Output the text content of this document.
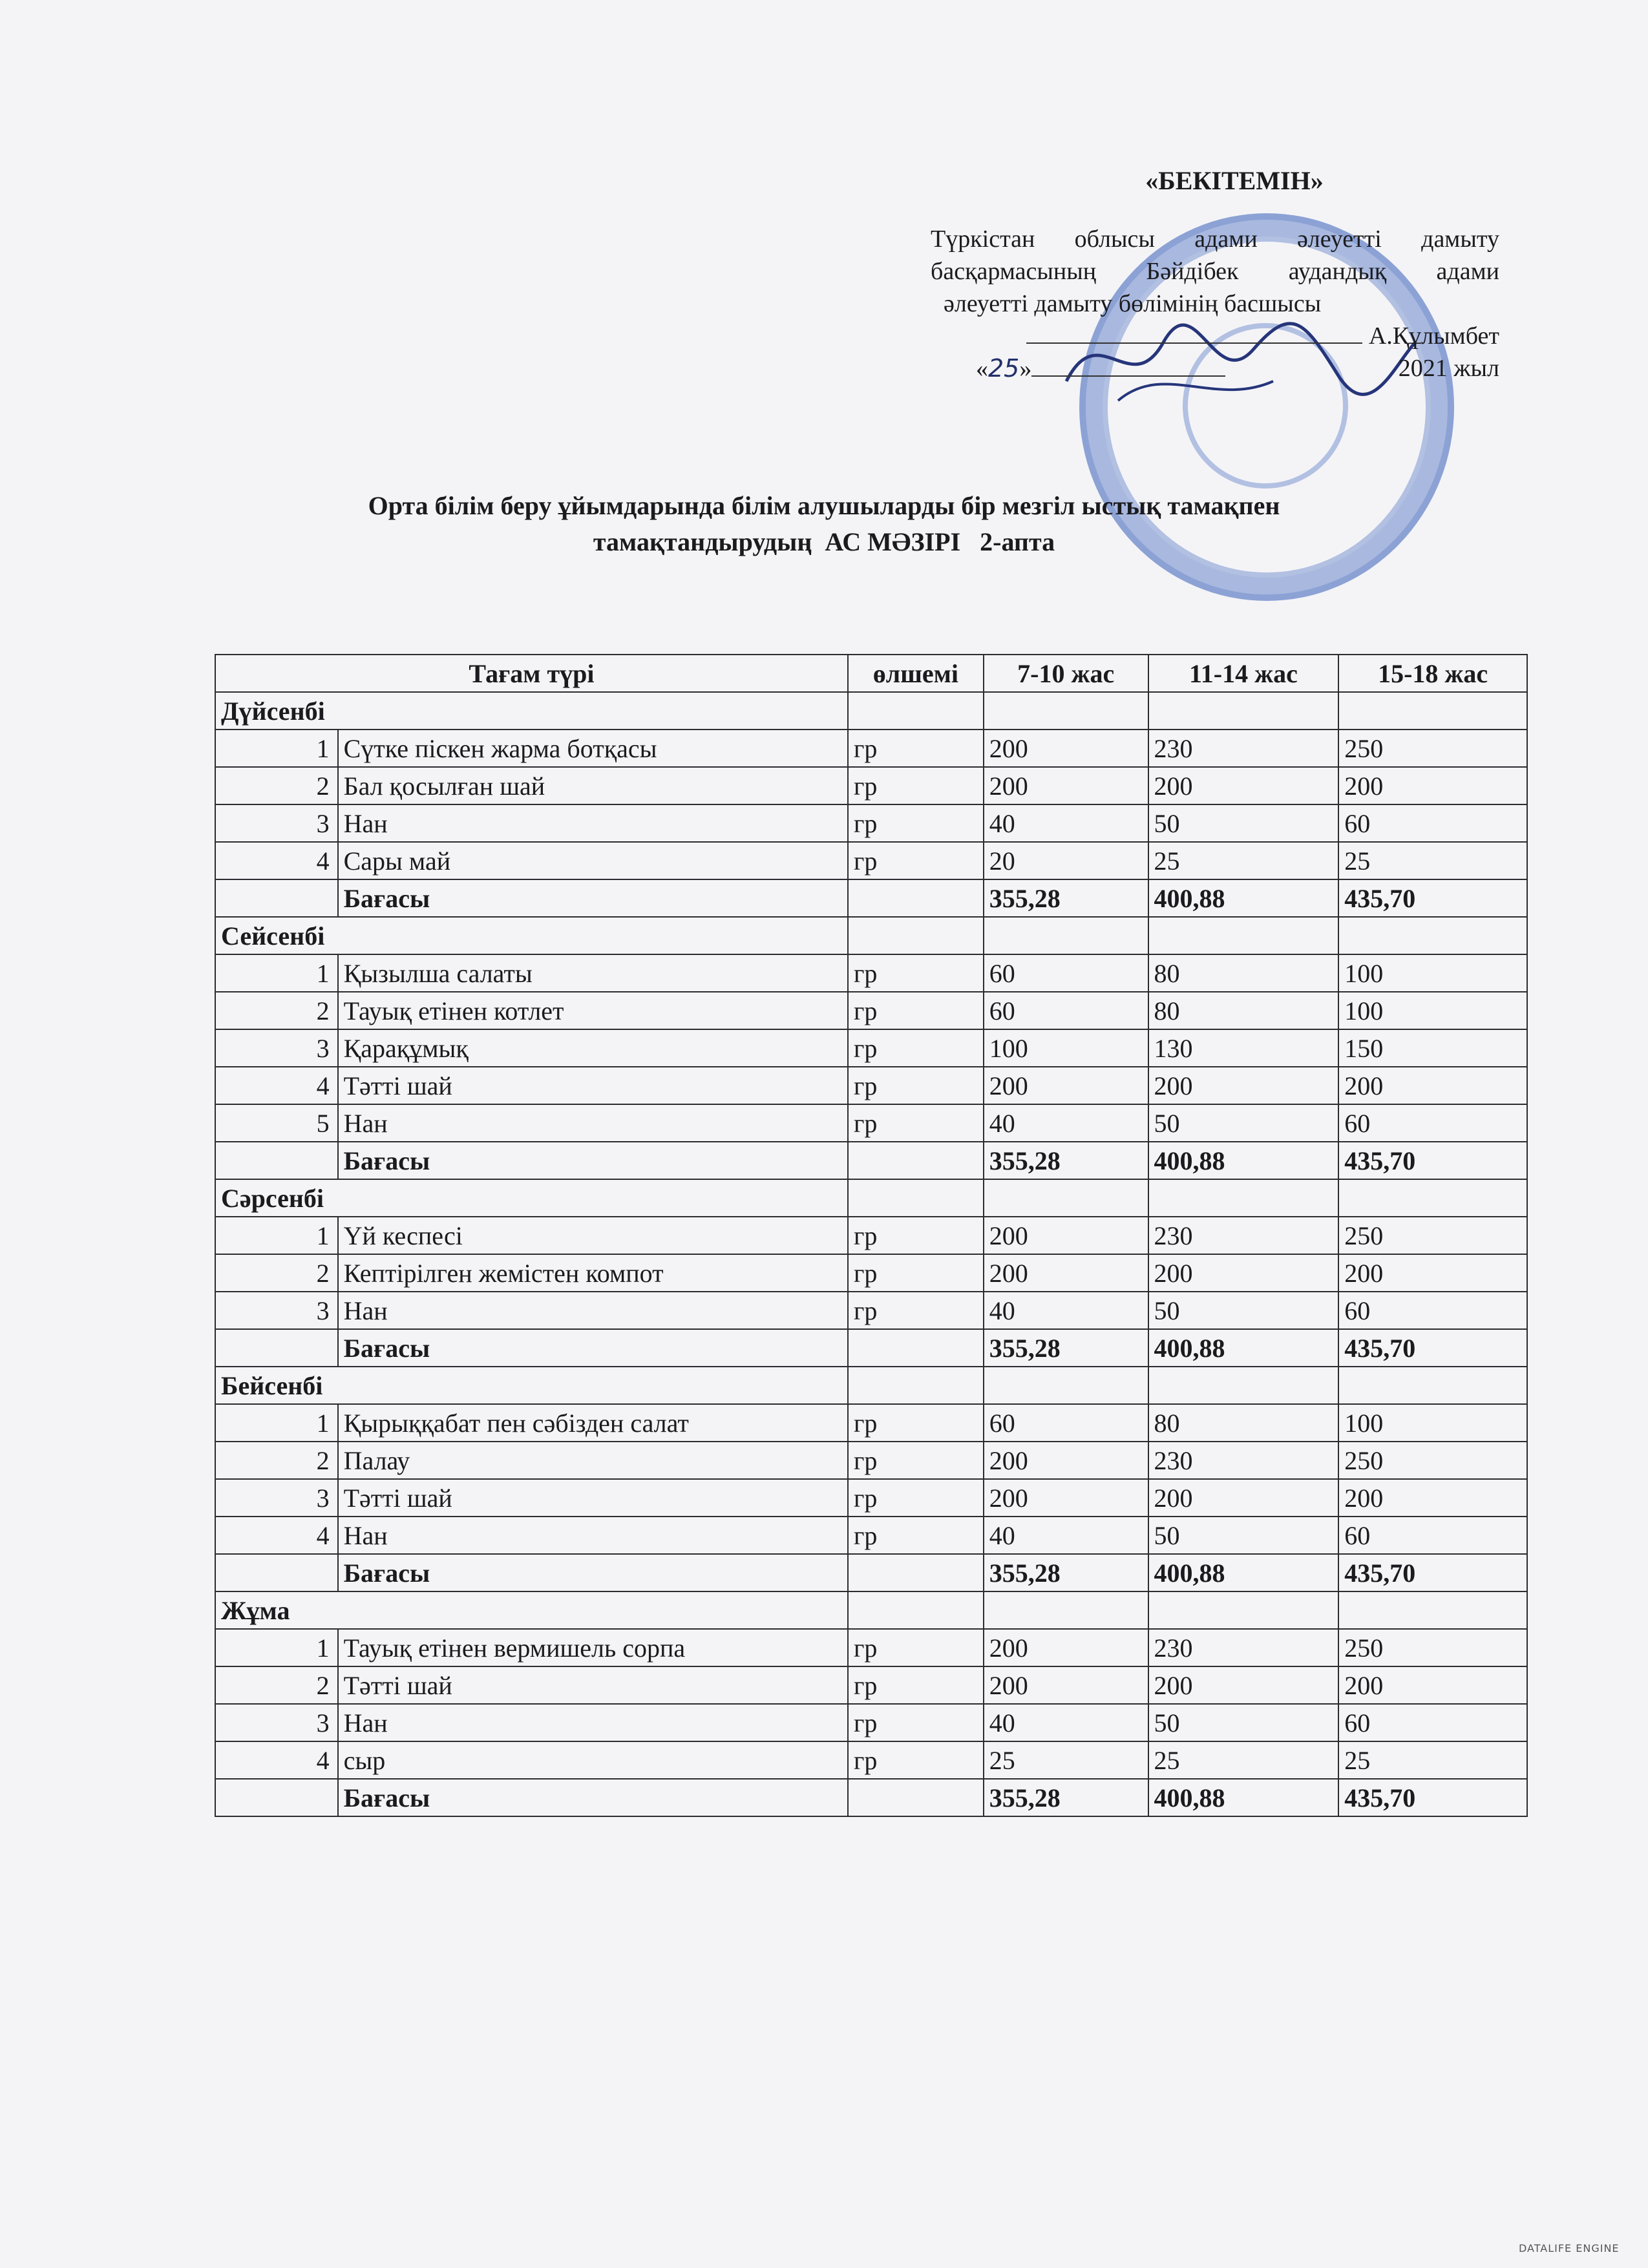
«БЕКІТЕМІН»
Түркістан облысы адами әлеуетті дамыту
басқармасының Бәйдібек аудандық адами
әлеуетті дамыту бөлімінің басшысы
А.Құлымбет
«25»	2021 жыл
Орта білім беру ұйымдарында білім алушыларды бір мезгіл ыстық тамақпен
тамақтандырудың  АС МӘЗІРІ   2-апта
Тағам түрі		өлшемі	7-10 жас	11-14 жас	15-18 жас
Дүйсенбі					
1	Сүтке піскен жарма ботқасы	гр	200	230	250
2	Бал қосылған шай	гр	200	200	200
3	Нан	гр	40	50	60
4	Сары май	гр	20	25	25
	Бағасы		355,28	400,88	435,70
Сейсенбі					
1	Қызылша салаты	гр	60	80	100
2	Тауық етінен котлет	гр	60	80	100
3	Қарақұмық	гр	100	130	150
4	Тәтті шай	гр	200	200	200
5	Нан	гр	40	50	60
	Бағасы		355,28	400,88	435,70
Сәрсенбі					
1	Үй кеспесі	гр	200	230	250
2	Кептірілген жемістен компот	гр	200	200	200
3	Нан	гр	40	50	60
	Бағасы		355,28	400,88	435,70
Бейсенбі					
1	Қырыққабат пен сәбізден салат	гр	60	80	100
2	Палау	гр	200	230	250
3	Тәтті шай	гр	200	200	200
4	Нан	гр	40	50	60
	Бағасы		355,28	400,88	435,70
Жұма					
1	Тауық етінен вермишель сорпа	гр	200	230	250
2	Тәтті шай	гр	200	200	200
3	Нан	гр	40	50	60
4	сыр	гр	25	25	25
	Бағасы		355,28	400,88	435,70
DATALIFE ENGINE
